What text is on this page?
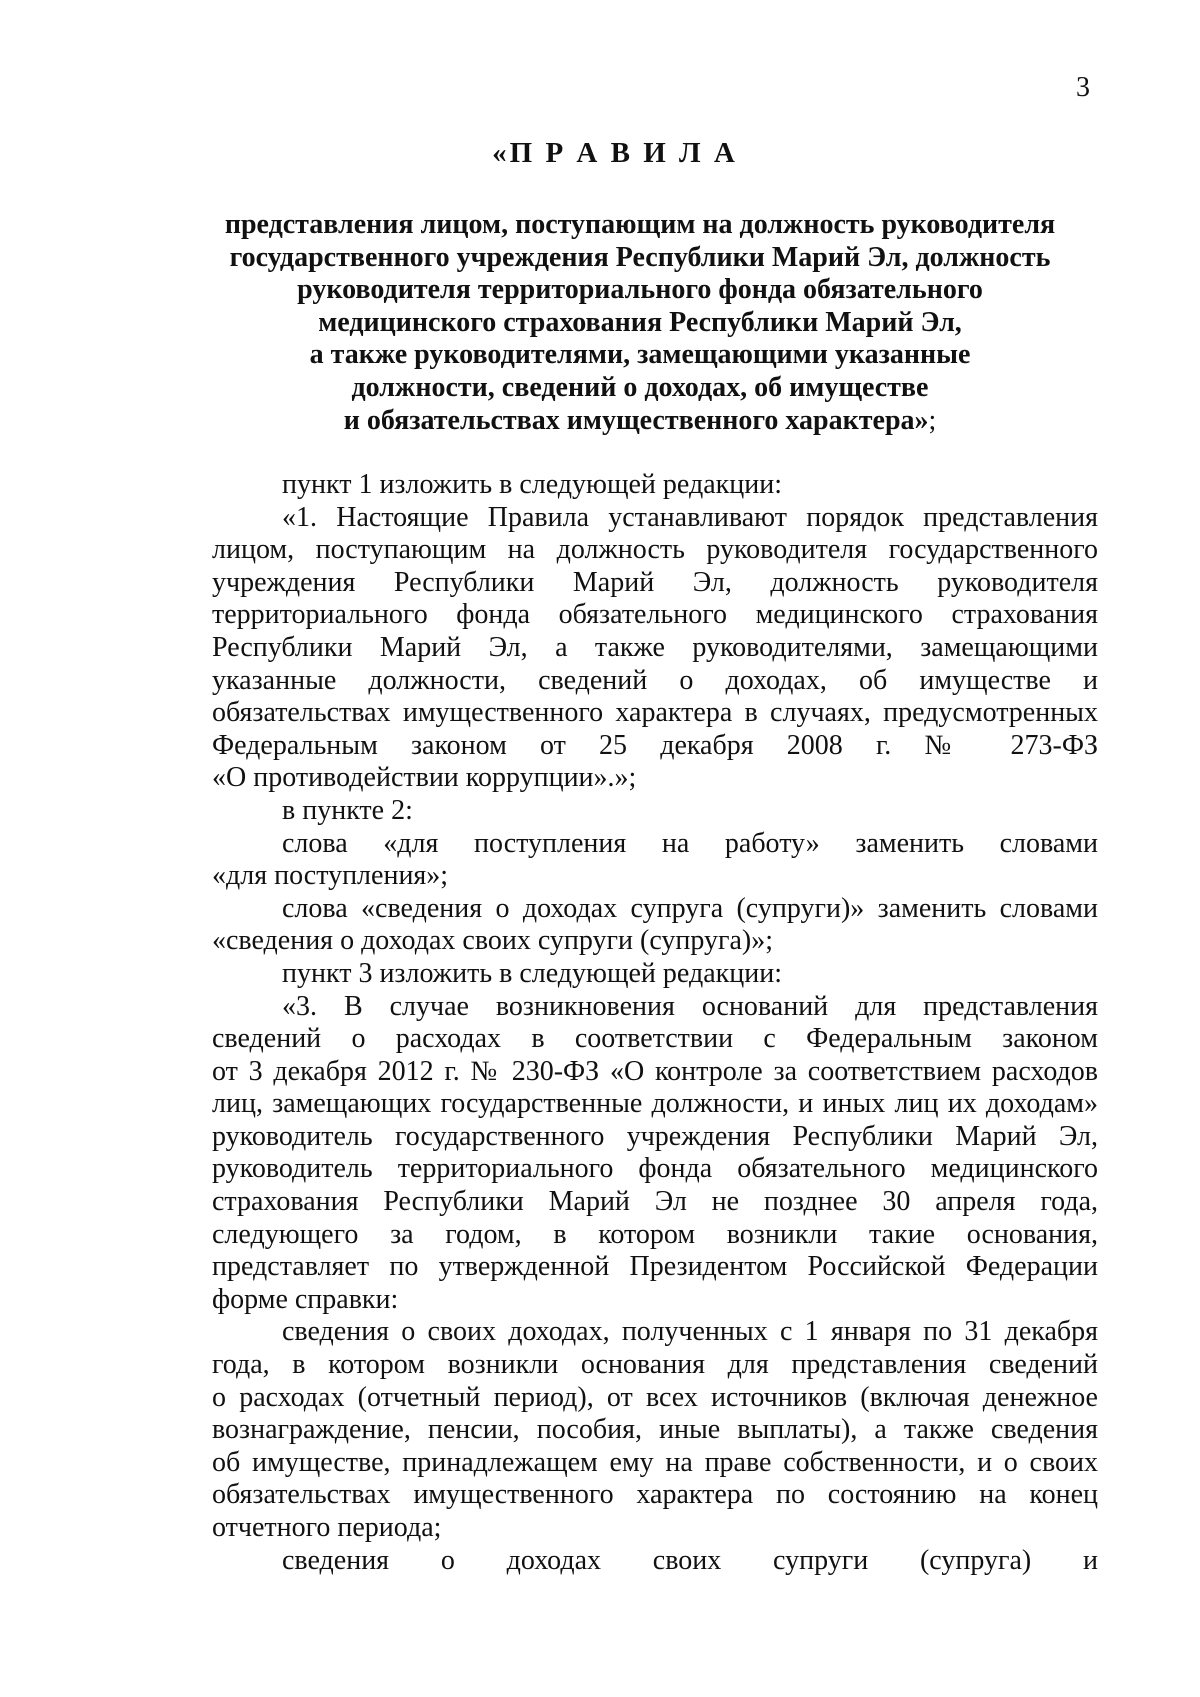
3
«П Р А В И Л А
представления лицом, поступающим на должность руководителя
государственного учреждения Республики Марий Эл, должность
руководителя территориального фонда обязательного
медицинского страхования Республики Марий Эл,
а также руководителями, замещающими указанные
должности, сведений о доходах, об имуществе
и обязательствах имущественного характера»;
пункт 1 изложить в следующей редакции:
«1. Настоящие Правила устанавливают порядок представления
лицом, поступающим на должность руководителя государственного
учреждения Республики Марий Эл, должность руководителя
территориального фонда обязательного медицинского страхования
Республики Марий Эл, а также руководителями, замещающими
указанные должности, сведений о доходах, об имуществе и
обязательствах имущественного характера в случаях, предусмотренных
Федеральным законом от 25 декабря 2008 г. № 273-ФЗ
«О противодействии коррупции».»;
в пункте 2:
слова «для поступления на работу» заменить словами
«для поступления»;
слова «сведения о доходах супруга (супруги)» заменить словами
«сведения о доходах своих супруги (супруга)»;
пункт 3 изложить в следующей редакции:
«3. В случае возникновения оснований для представления
сведений о расходах в соответствии с Федеральным законом
от 3 декабря 2012 г. № 230-ФЗ «О контроле за соответствием расходов
лиц, замещающих государственные должности, и иных лиц их доходам»
руководитель государственного учреждения Республики Марий Эл,
руководитель территориального фонда обязательного медицинского
страхования Республики Марий Эл не позднее 30 апреля года,
следующего за годом, в котором возникли такие основания,
представляет по утвержденной Президентом Российской Федерации
форме справки:
сведения о своих доходах, полученных с 1 января по 31 декабря
года, в котором возникли основания для представления сведений
о расходах (отчетный период), от всех источников (включая денежное
вознаграждение, пенсии, пособия, иные выплаты), а также сведения
об имуществе, принадлежащем ему на праве собственности, и о своих
обязательствах имущественного характера по состоянию на конец
отчетного периода;
сведения о доходах своих супруги (супруга) и
